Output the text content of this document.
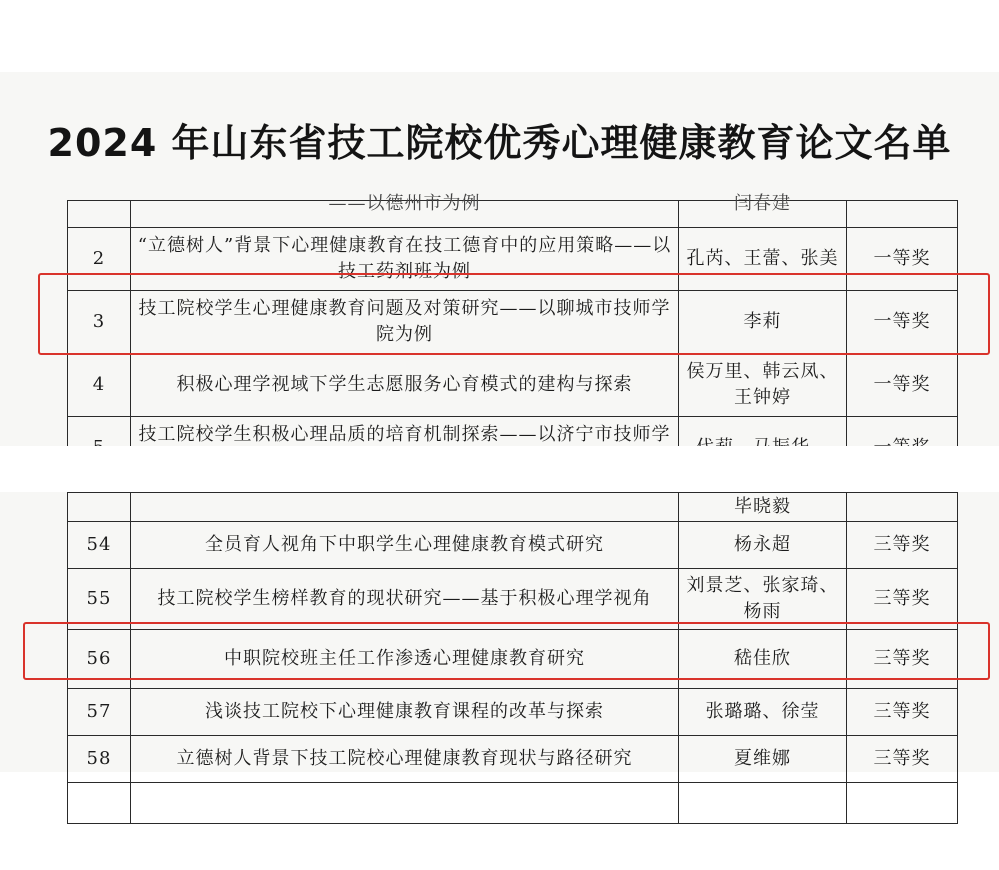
2024 年山东省技工院校优秀心理健康教育论文名单
	——以德州市为例	闫春建	
2	“立德树人”背景下心理健康教育在技工德育中的应用策略——以技工药剂班为例	孔芮、王蕾、张美	一等奖
3	技工院校学生心理健康教育问题及对策研究——以聊城市技师学院为例	李莉	一等奖
4	积极心理学视域下学生志愿服务心育模式的建构与探索	侯万里、韩云凤、王钟婷	一等奖
	技工院校学生积极心理品质的培育机制探索——以济宁市技师学		
		毕晓毅	
54	全员育人视角下中职学生心理健康教育模式研究	杨永超	三等奖
55	技工院校学生榜样教育的现状研究——基于积极心理学视角	刘景芝、张家琦、杨雨	三等奖
56	中职院校班主任工作渗透心理健康教育研究	嵇佳欣	三等奖
57	浅谈技工院校下心理健康教育课程的改革与探索	张璐璐、徐莹	三等奖
58	立德树人背景下技工院校心理健康教育现状与路径研究	夏维娜	三等奖
